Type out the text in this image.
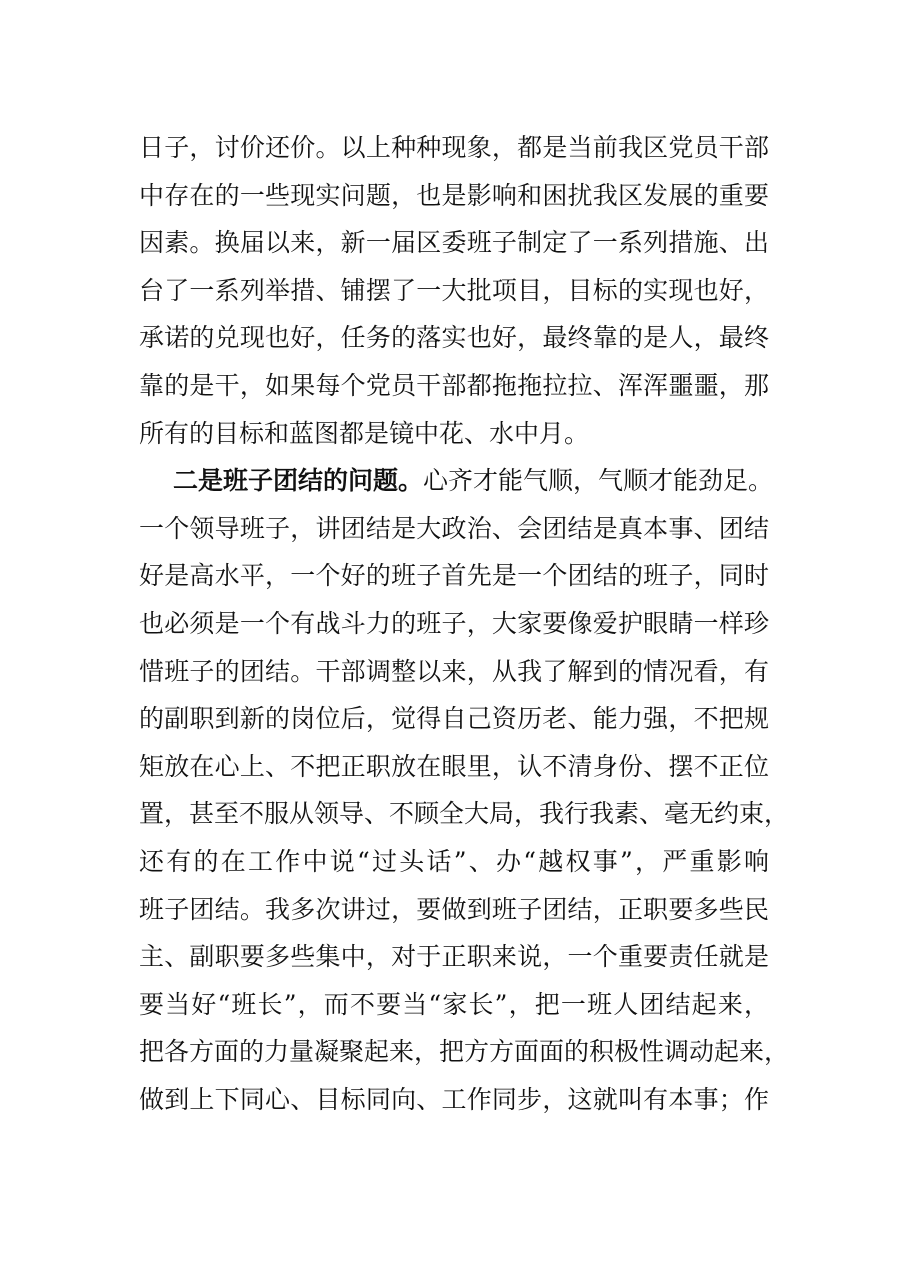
日子，讨价还价。以上种种现象，都是当前我区党员干部
中存在的一些现实问题，也是影响和困扰我区发展的重要
因素。换届以来，新一届区委班子制定了一系列措施、出
台了一系列举措、铺摆了一大批项目，目标的实现也好，
承诺的兑现也好，任务的落实也好，最终靠的是人，最终
靠的是干，如果每个党员干部都拖拖拉拉、浑浑噩噩，那
所有的目标和蓝图都是镜中花、水中月。
二是班子团结的问题。心齐才能气顺，气顺才能劲足。
一个领导班子，讲团结是大政治、会团结是真本事、团结
好是高水平，一个好的班子首先是一个团结的班子，同时
也必须是一个有战斗力的班子，大家要像爱护眼睛一样珍
惜班子的团结。干部调整以来，从我了解到的情况看，有
的副职到新的岗位后，觉得自己资历老、能力强，不把规
矩放在心上、不把正职放在眼里，认不清身份、摆不正位
置，甚至不服从领导、不顾全大局，我行我素、毫无约束，
还有的在工作中说“过头话”、办“越权事”，严重影响
班子团结。我多次讲过，要做到班子团结，正职要多些民
主、副职要多些集中，对于正职来说，一个重要责任就是
要当好“班长”，而不要当“家长”，把一班人团结起来，
把各方面的力量凝聚起来，把方方面面的积极性调动起来，
做到上下同心、目标同向、工作同步，这就叫有本事；作
